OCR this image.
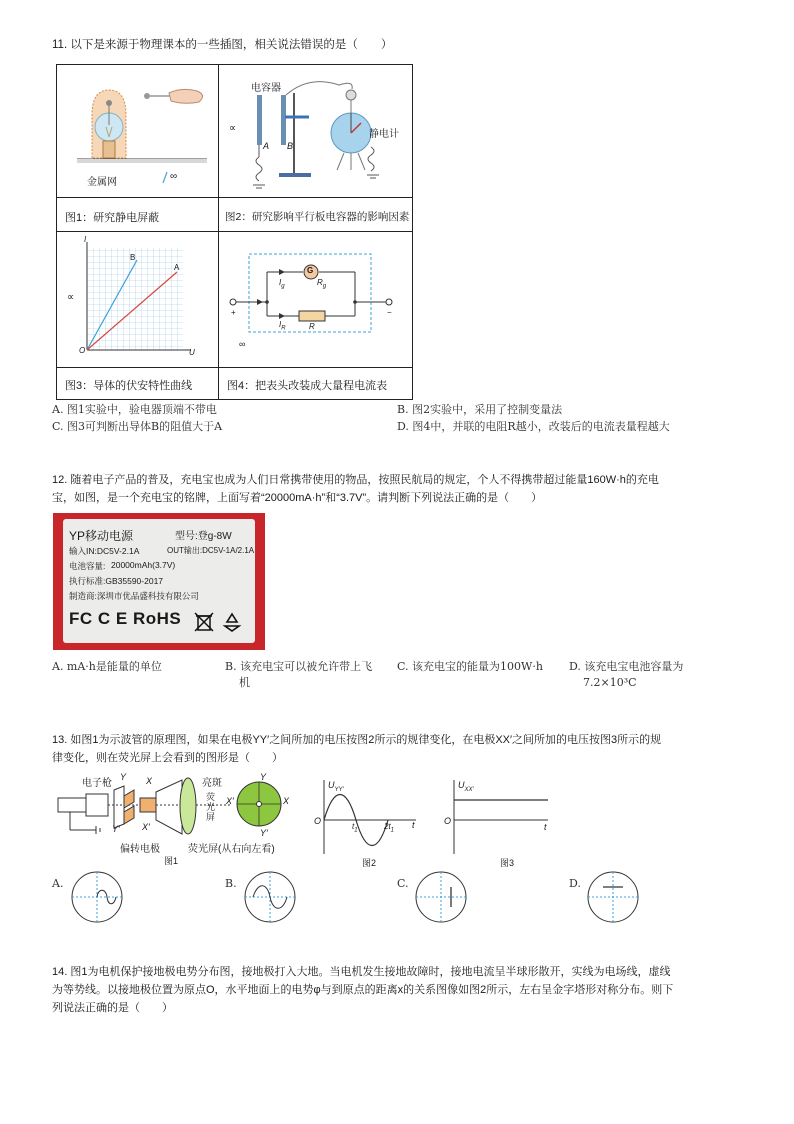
11. 以下是来源于物理课本的一些插图，相关说法错误的是（　　）
金属网
∞
电容器
静电计
∝
A B
图1：研究静电屏蔽	图2：研究影响平行板电容器的影响因素
I
U
O
A
B
∝
G
$I_g$	$R_g$
$I_R$	R
+	−
∞
图3：导体的伏安特性曲线	图4：把表头改装成大量程电流表
A. 图1实验中，验电器顶端不带电	B. 图2实验中，采用了控制变量法
C. 图3可判断出导体B的阻值大于A	D. 图4中，并联的电阻R越小，改装后的电流表量程越大
12. 随着电子产品的普及，充电宝也成为人们日常携带使用的物品，按照民航局的规定，个人不得携带超过能量160W·h的充电
宝，如图，是一个充电宝的铭牌，上面写着“20000mA·h”和“3.7V”。请判断下列说法正确的是（　　）
YP移动电源	型号:登g-8W
输入IN:DC5V-2.1A	OUT输出:DC5V-1A/2.1A
电池容量: 20000mAh(3.7V)
执行标准:GB35590-2017
制造商:深圳市优品盛科技有限公司
FC C E RoHS
A. mA·h是能量的单位	B. 该充电宝可以被允许带上飞
机
C. 该充电宝的能量为100W·h D. 该充电宝电池容量为
7.2×10³C
13. 如图1为示波管的原理图，如果在电极YY′之间所加的电压按图2所示的规律变化，在电极XX′之间所加的电压按图3所示的规
律变化，则在荧光屏上会看到的图形是（　　）
电子枪
偏转电极	荧光屏(从右向左看)
亮斑
荧光屏
Y
Y′
X
X′
Y
Y′
X
X′
图1
$U_{YY'}$
O
$t_1$	$2t_1$
t
图2
$U_{XX'}$
O
t
图3
A.	B.	C.	D.
14. 图1为电机保护接地极电势分布图，接地极打入大地。当电机发生接地故障时，接地电流呈半球形散开，实线为电场线，虚线
为等势线。以接地极位置为原点O，水平地面上的电势φ与到原点的距离x的关系图像如图2所示，左右呈金字塔形对称分布。则下
列说法正确的是（　　）
